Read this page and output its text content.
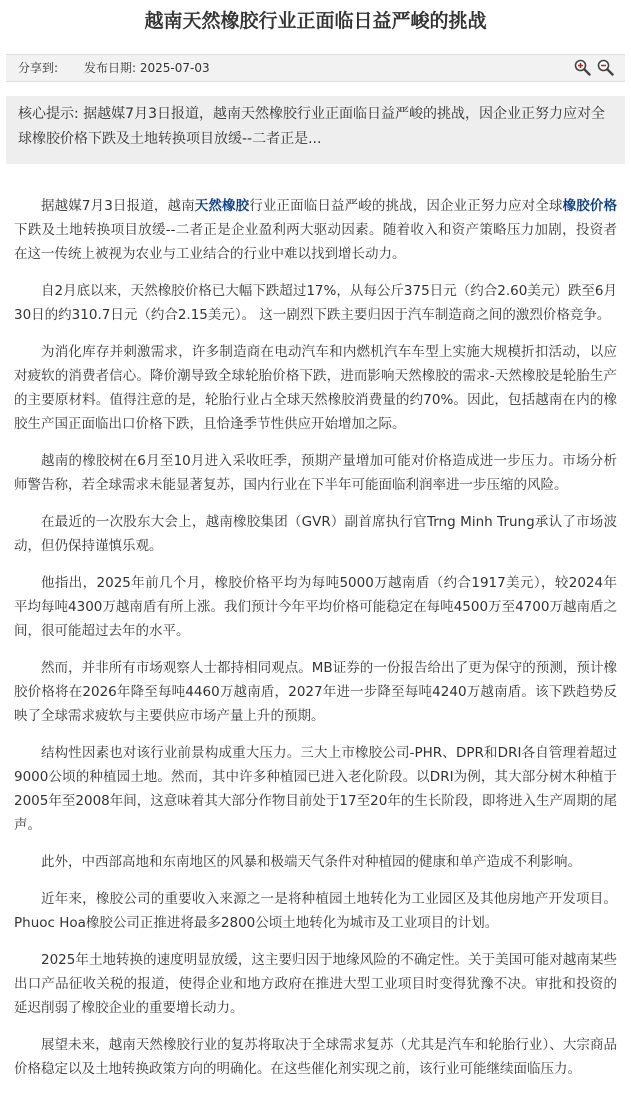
越南天然橡胶行业正面临日益严峻的挑战
分享到: 发布日期: 2025-07-03
核心提示: 据越媒7月3日报道，越南天然橡胶行业正面临日益严峻的挑战，因企业正努力应对全球橡胶价格下跌及土地转换项目放缓--二者正是...

据越媒7月3日报道，越南天然橡胶行业正面临日益严峻的挑战，因企业正努力应对全球橡胶价格下跌及土地转换项目放缓--二者正是企业盈利两大驱动因素。随着收入和资产策略压力加剧，投资者在这一传统上被视为农业与工业结合的行业中难以找到增长动力。

自2月底以来，天然橡胶价格已大幅下跌超过17%，从每公斤375日元（约合2.60美元）跌至6月30日的约310.7日元（约合2.15美元）。 这一剧烈下跌主要归因于汽车制造商之间的激烈价格竞争。

为消化库存并刺激需求，许多制造商在电动汽车和内燃机汽车车型上实施大规模折扣活动，以应对疲软的消费者信心。降价潮导致全球轮胎价格下跌，进而影响天然橡胶的需求-天然橡胶是轮胎生产的主要原材料。值得注意的是，轮胎行业占全球天然橡胶消费量的约70%。因此，包括越南在内的橡胶生产国正面临出口价格下跌，且恰逢季节性供应开始增加之际。

越南的橡胶树在6月至10月进入采收旺季，预期产量增加可能对价格造成进一步压力。市场分析师警告称，若全球需求未能显著复苏，国内行业在下半年可能面临利润率进一步压缩的风险。

在最近的一次股东大会上，越南橡胶集团（GVR）副首席执行官Trng Minh Trung承认了市场波动，但仍保持谨慎乐观。

他指出，2025年前几个月，橡胶价格平均为每吨5000万越南盾（约合1917美元），较2024年平均每吨4300万越南盾有所上涨。我们预计今年平均价格可能稳定在每吨4500万至4700万越南盾之间，很可能超过去年的水平。

然而，并非所有市场观察人士都持相同观点。MB证券的一份报告给出了更为保守的预测，预计橡胶价格将在2026年降至每吨4460万越南盾，2027年进一步降至每吨4240万越南盾。该下跌趋势反映了全球需求疲软与主要供应市场产量上升的预期。

结构性因素也对该行业前景构成重大压力。三大上市橡胶公司-PHR、DPR和DRI各自管理着超过9000公顷的种植园土地。然而，其中许多种植园已进入老化阶段。以DRI为例，其大部分树木种植于2005年至2008年间，这意味着其大部分作物目前处于17至20年的生长阶段，即将进入生产周期的尾声。

此外，中西部高地和东南地区的风暴和极端天气条件对种植园的健康和单产造成不利影响。

近年来，橡胶公司的重要收入来源之一是将种植园土地转化为工业园区及其他房地产开发项目。Phuoc Hoa橡胶公司正推进将最多2800公顷土地转化为城市及工业项目的计划。

2025年土地转换的速度明显放缓，这主要归因于地缘风险的不确定性。关于美国可能对越南某些出口产品征收关税的报道，使得企业和地方政府在推进大型工业项目时变得犹豫不决。审批和投资的延迟削弱了橡胶企业的重要增长动力。

展望未来，越南天然橡胶行业的复苏将取决于全球需求复苏（尤其是汽车和轮胎行业）、大宗商品价格稳定以及土地转换政策方向的明确化。在这些催化剂实现之前，该行业可能继续面临压力。
